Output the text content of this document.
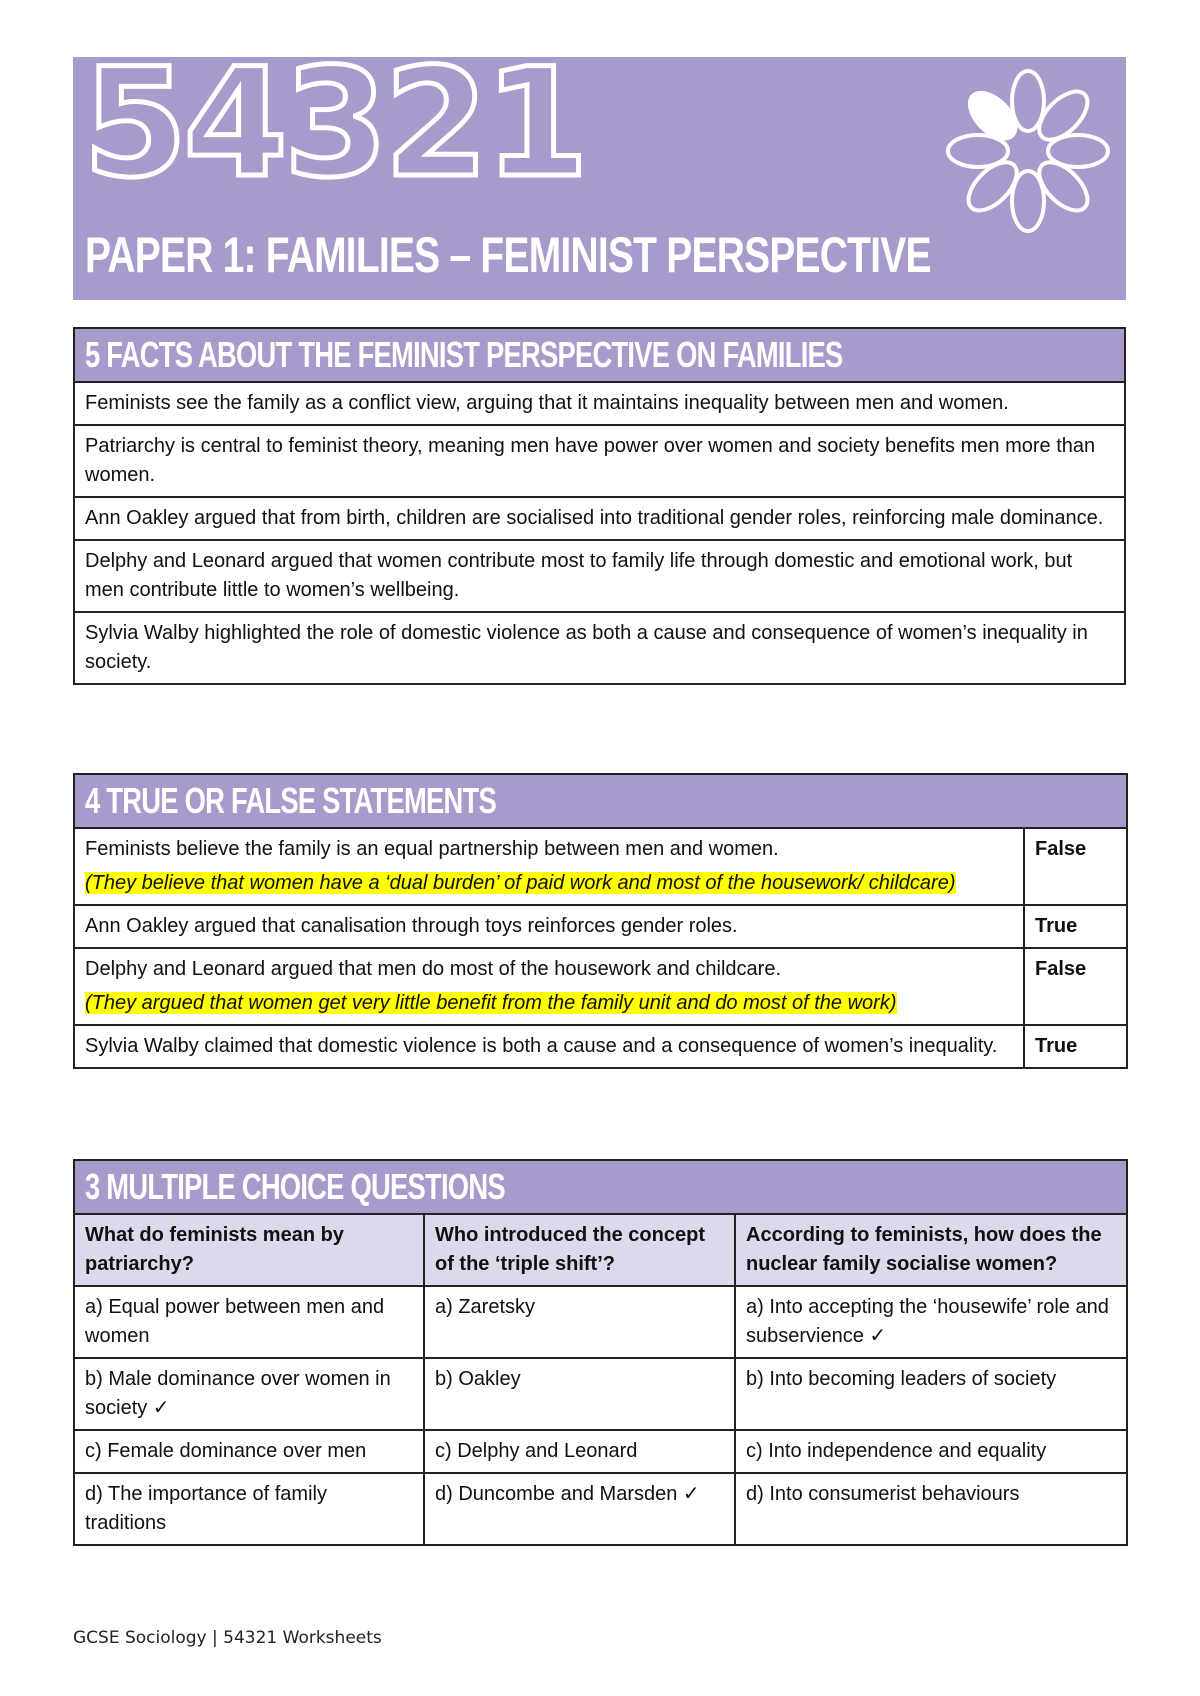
54321
PAPER 1: FAMILIES – FEMINIST PERSPECTIVE
5 FACTS ABOUT THE FEMINIST PERSPECTIVE ON FAMILIES
Feminists see the family as a conflict view, arguing that it maintains inequality between men and women.
Patriarchy is central to feminist theory, meaning men have power over women and society benefits men more than women.
Ann Oakley argued that from birth, children are socialised into traditional gender roles, reinforcing male dominance.
Delphy and Leonard argued that women contribute most to family life through domestic and emotional work, but men contribute little to women’s wellbeing.
Sylvia Walby highlighted the role of domestic violence as both a cause and consequence of women’s inequality in society.
4 TRUE OR FALSE STATEMENTS	
Feminists believe the family is an equal partnership between men and women.
(They believe that women have a ‘dual burden’ of paid work and most of the housework/ childcare)	False
Ann Oakley argued that canalisation through toys reinforces gender roles.	True
Delphy and Leonard argued that men do most of the housework and childcare.
(They argued that women get very little benefit from the family unit and do most of the work)	False
Sylvia Walby claimed that domestic violence is both a cause and a consequence of women’s inequality.	True
3 MULTIPLE CHOICE QUESTIONS		
What do feminists mean by patriarchy?	Who introduced the concept of the ‘triple shift’?	According to feminists, how does the nuclear family socialise women?
a) Equal power between men and women	a) Zaretsky	a) Into accepting the ‘housewife’ role and subservience ✓
b) Male dominance over women in society ✓	b) Oakley	b) Into becoming leaders of society
c) Female dominance over men	c) Delphy and Leonard	c) Into independence and equality
d) The importance of family traditions	d) Duncombe and Marsden ✓	d) Into consumerist behaviours
GCSE Sociology | 54321 Worksheets
